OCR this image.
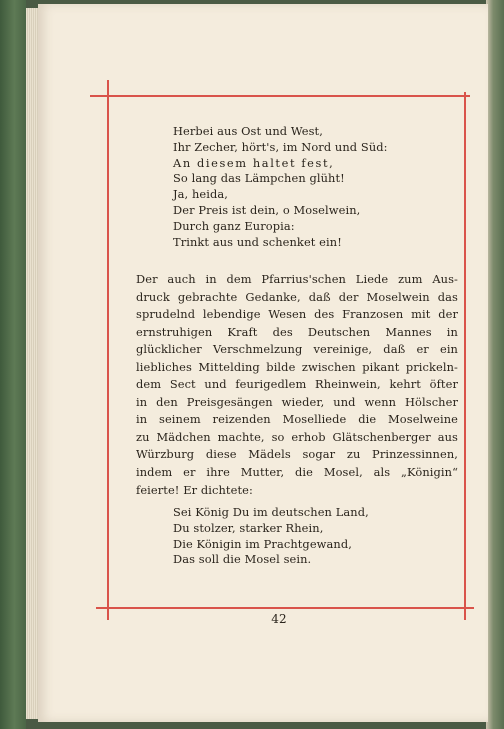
Herbei aus Ost und West,
Ihr Zecher, hört's, im Nord und Süd:
An diesem haltet fest,
So lang das Lämpchen glüht!
Ja, heida,
Der Preis ist dein, o Moselwein,
Durch ganz Europia:
Trinkt aus und schenket ein!
Der auch in dem Pfarrius'schen Liede zum Aus-
druck gebrachte Gedanke, daß der Moselwein das
sprudelnd lebendige Wesen des Franzosen mit der
ernstruhigen Kraft des Deutschen Mannes in
glücklicher Verschmelzung vereinige, daß er ein
liebliches Mittelding bilde zwischen pikant prickeln-
dem Sect und feurigedlem Rheinwein, kehrt öfter
in den Preisgesängen wieder, und wenn Hölscher
in seinem reizenden Moselliede die Moselweine
zu Mädchen machte, so erhob Glätschenberger aus
Würzburg diese Mädels sogar zu Prinzessinnen,
indem er ihre Mutter, die Mosel, als „Königin“
feierte! Er dichtete:
Sei König Du im deutschen Land,
Du stolzer, starker Rhein,
Die Königin im Prachtgewand,
Das soll die Mosel sein.
42
